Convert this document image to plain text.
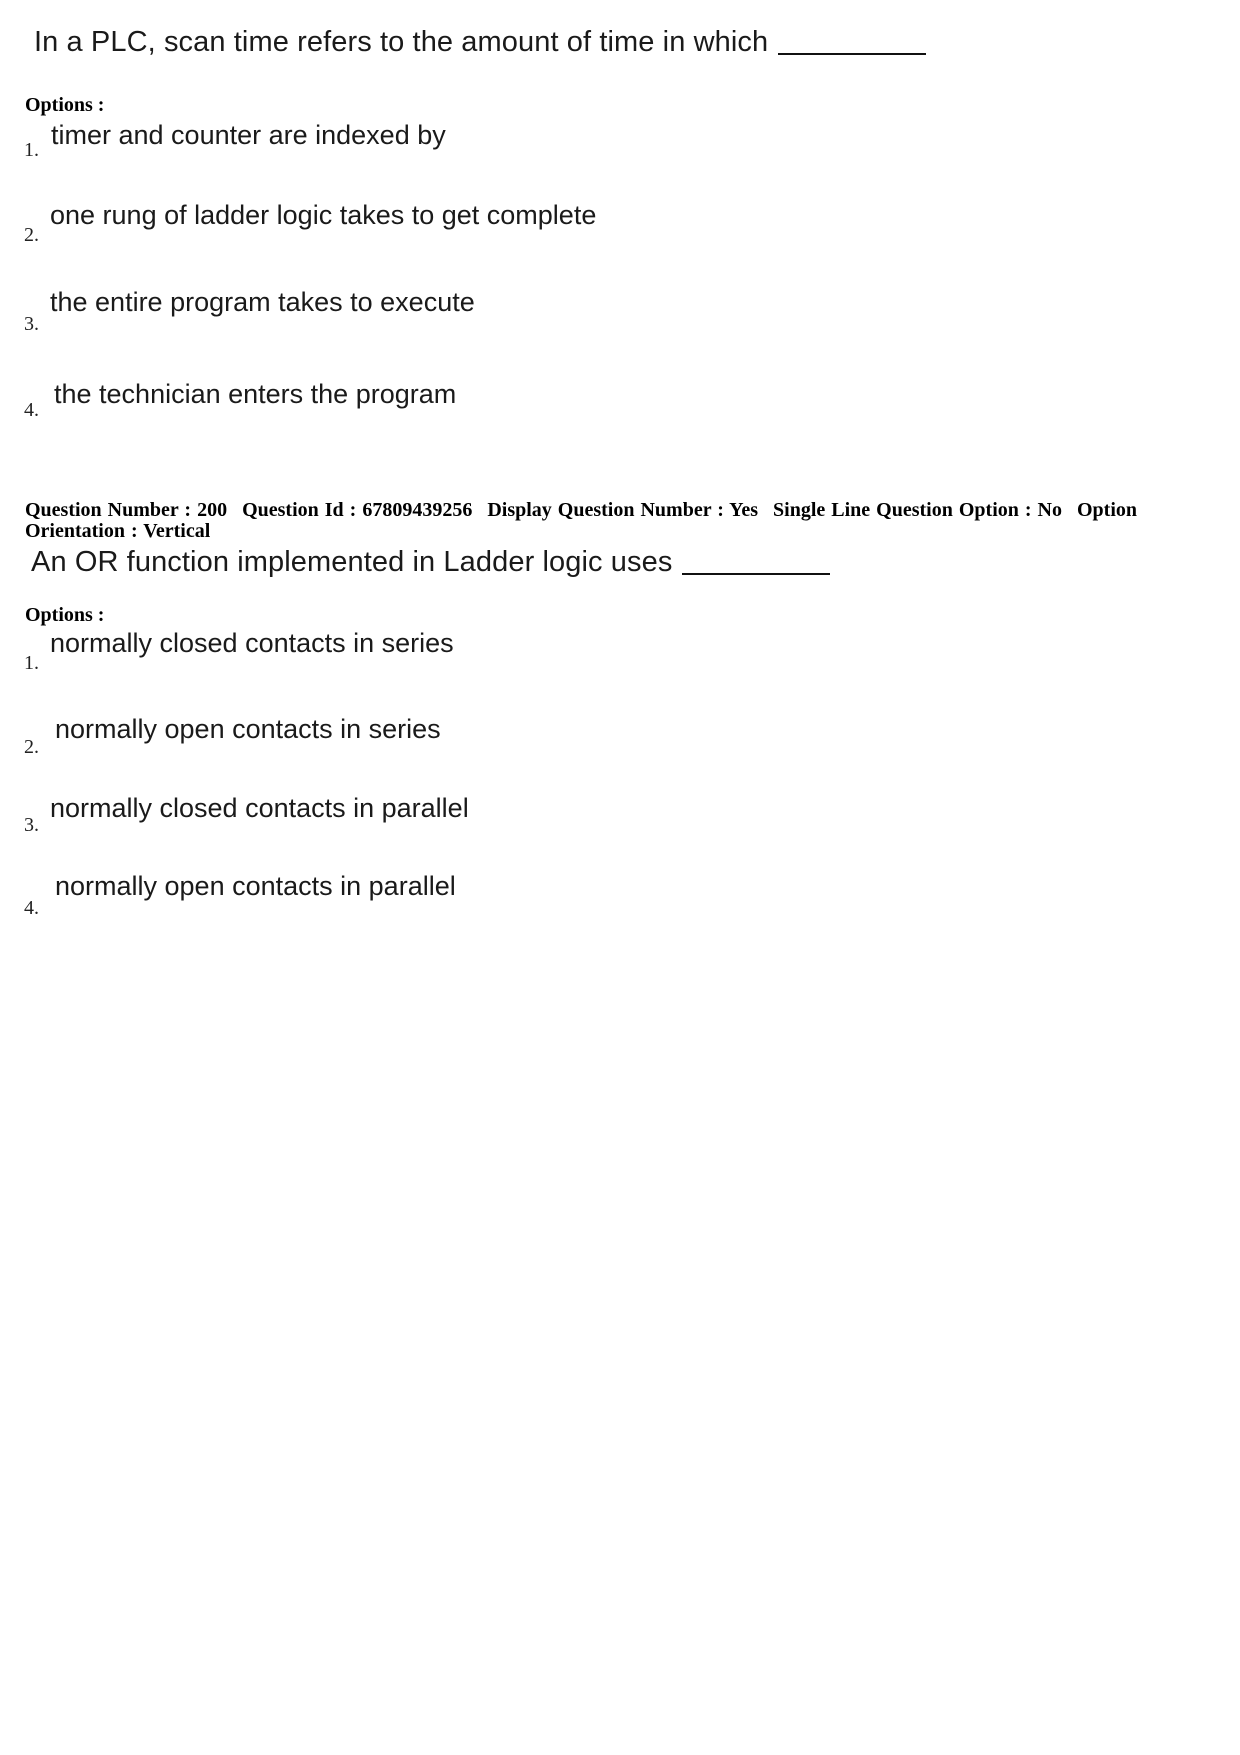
In a PLC, scan time refers to the amount of time in which
Options :
1. timer and counter are indexed by
2.
one rung of ladder logic takes to get complete
3.
the entire program takes to execute
4.
the technician enters the program
Question Number : 200 Question Id : 67809439256 Display Question Number : Yes Single Line Question Option : No Option Orientation : Vertical
An OR function implemented in Ladder logic uses
Options :
1.
normally closed contacts in series
2.
normally open contacts in series
3.
normally closed contacts in parallel
4.
normally open contacts in parallel
